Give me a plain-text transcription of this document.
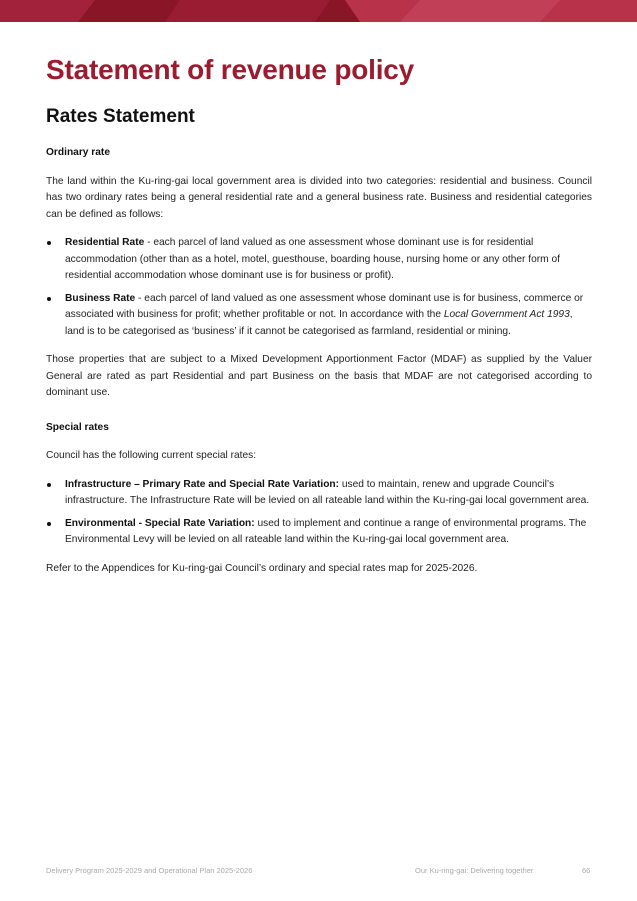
Statement of revenue policy
Rates Statement

Ordinary rate

The land within the Ku-ring-gai local government area is divided into two categories: residential and business. Council has two ordinary rates being a general residential rate and a general business rate. Business and residential categories can be defined as follows:

Residential Rate - each parcel of land valued as one assessment whose dominant use is for residential accommodation (other than as a hotel, motel, guesthouse, boarding house, nursing home or any other form of residential accommodation whose dominant use is for business or profit).
Business Rate - each parcel of land valued as one assessment whose dominant use is for business, commerce or associated with business for profit; whether profitable or not. In accordance with the Local Government Act 1993, land is to be categorised as ‘business’ if it cannot be categorised as farmland, residential or mining.

Those properties that are subject to a Mixed Development Apportionment Factor (MDAF) as supplied by the Valuer General are rated as part Residential and part Business on the basis that MDAF are not categorised according to dominant use.

Special rates

Council has the following current special rates:

Infrastructure – Primary Rate and Special Rate Variation: used to maintain, renew and upgrade Council’s infrastructure. The Infrastructure Rate will be levied on all rateable land within the Ku-ring-gai local government area.
Environmental - Special Rate Variation: used to implement and continue a range of environmental programs. The Environmental Levy will be levied on all rateable land within the Ku-ring-gai local government area.

Refer to the Appendices for Ku-ring-gai Council’s ordinary and special rates map for 2025-2026.

Delivery Program 2025-2029 and Operational Plan 2025-2026	Our Ku-ring-gai: Delivering together	66
